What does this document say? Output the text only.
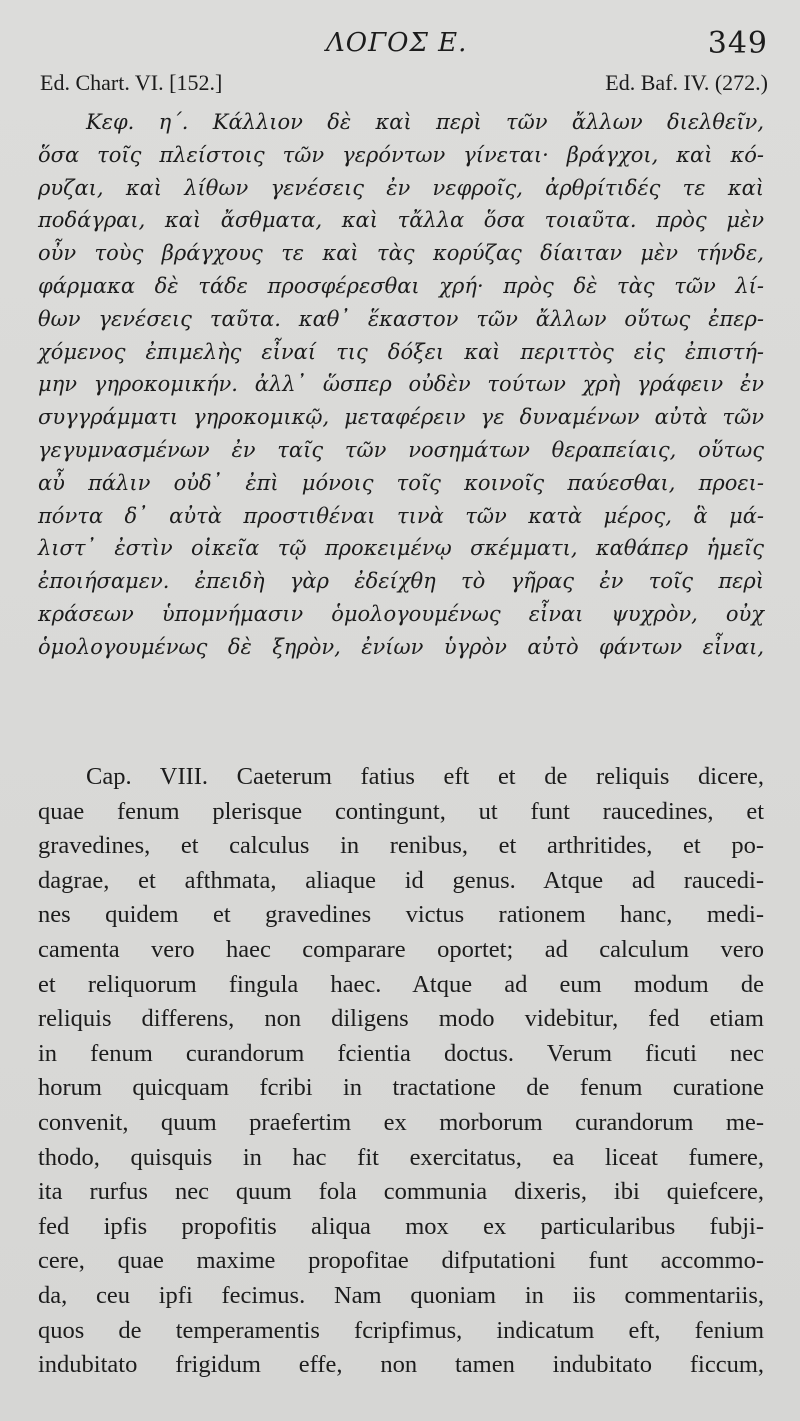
ΛΟΓΟΣ Ε.	349
Ed. Chart. VI. [152.]	Ed. Baf. IV. (272.)
Κεφ. η΄. Κάλλιον δὲ καὶ περὶ τῶν ἄλλων διελθεῖν,
ὅσα τοῖς πλείστοις τῶν γερόντων γίνεται· βράγχοι, καὶ κό-
ρυζαι, καὶ λίθων γενέσεις ἐν νεφροῖς, ἀρθρίτιδές τε καὶ
ποδάγραι, καὶ ἄσθματα, καὶ τἄλλα ὅσα τοιαῦτα. πρὸς μὲν
οὖν τοὺς βράγχους τε καὶ τὰς κορύζας δίαιταν μὲν τήνδε,
φάρμακα δὲ τάδε προσφέρεσθαι χρή· πρὸς δὲ τὰς τῶν λί-
θων γενέσεις ταῦτα. καθ᾽ ἕκαστον τῶν ἄλλων οὕτως ἐπερ-
χόμενος ἐπιμελὴς εἶναί τις δόξει καὶ περιττὸς εἰς ἐπιστή-
μην γηροκομικήν. ἀλλ᾽ ὥσπερ οὐδὲν τούτων χρὴ γράφειν ἐν
συγγράμματι γηροκομικῷ, μεταφέρειν γε δυναμένων αὐτὰ τῶν
γεγυμνασμένων ἐν ταῖς τῶν νοσημάτων θεραπείαις, οὕτως
αὖ πάλιν οὐδ᾽ ἐπὶ μόνοις τοῖς κοινοῖς παύεσθαι, προει-
πόντα δ᾽ αὐτὰ προστιθέναι τινὰ τῶν κατὰ μέρος, ἃ μά-
λιστ᾽ ἐστὶν οἰκεῖα τῷ προκειμένῳ σκέμματι, καθάπερ ἡμεῖς
ἐποιήσαμεν. ἐπειδὴ γὰρ ἐδείχθη τὸ γῆρας ἐν τοῖς περὶ
κράσεων ὑπομνήμασιν ὁμολογουμένως εἶναι ψυχρὸν, οὐχ
ὁμολογουμένως δὲ ξηρὸν, ἐνίων ὑγρὸν αὐτὸ φάντων εἶναι,
Cap. VIII. Caeterum fatius eft et de reliquis dicere,
quae fenum plerisque contingunt, ut funt raucedines, et
gravedines, et calculus in renibus, et arthritides, et po-
dagrae, et afthmata, aliaque id genus. Atque ad raucedi-
nes quidem et gravedines victus rationem hanc, medi-
camenta vero haec comparare oportet; ad calculum vero
et reliquorum fingula haec. Atque ad eum modum de
reliquis differens, non diligens modo videbitur, fed etiam
in fenum curandorum fcientia doctus. Verum ficuti nec
horum quicquam fcribi in tractatione de fenum curatione
convenit, quum praefertim ex morborum curandorum me-
thodo, quisquis in hac fit exercitatus, ea liceat fumere,
ita rurfus nec quum fola communia dixeris, ibi quiefcere,
fed ipfis propofitis aliqua mox ex particularibus fubji-
cere, quae maxime propofitae difputationi funt accommo-
da, ceu ipfi fecimus. Nam quoniam in iis commentariis,
quos de temperamentis fcripfimus, indicatum eft, fenium
indubitato frigidum effe, non tamen indubitato ficcum,
